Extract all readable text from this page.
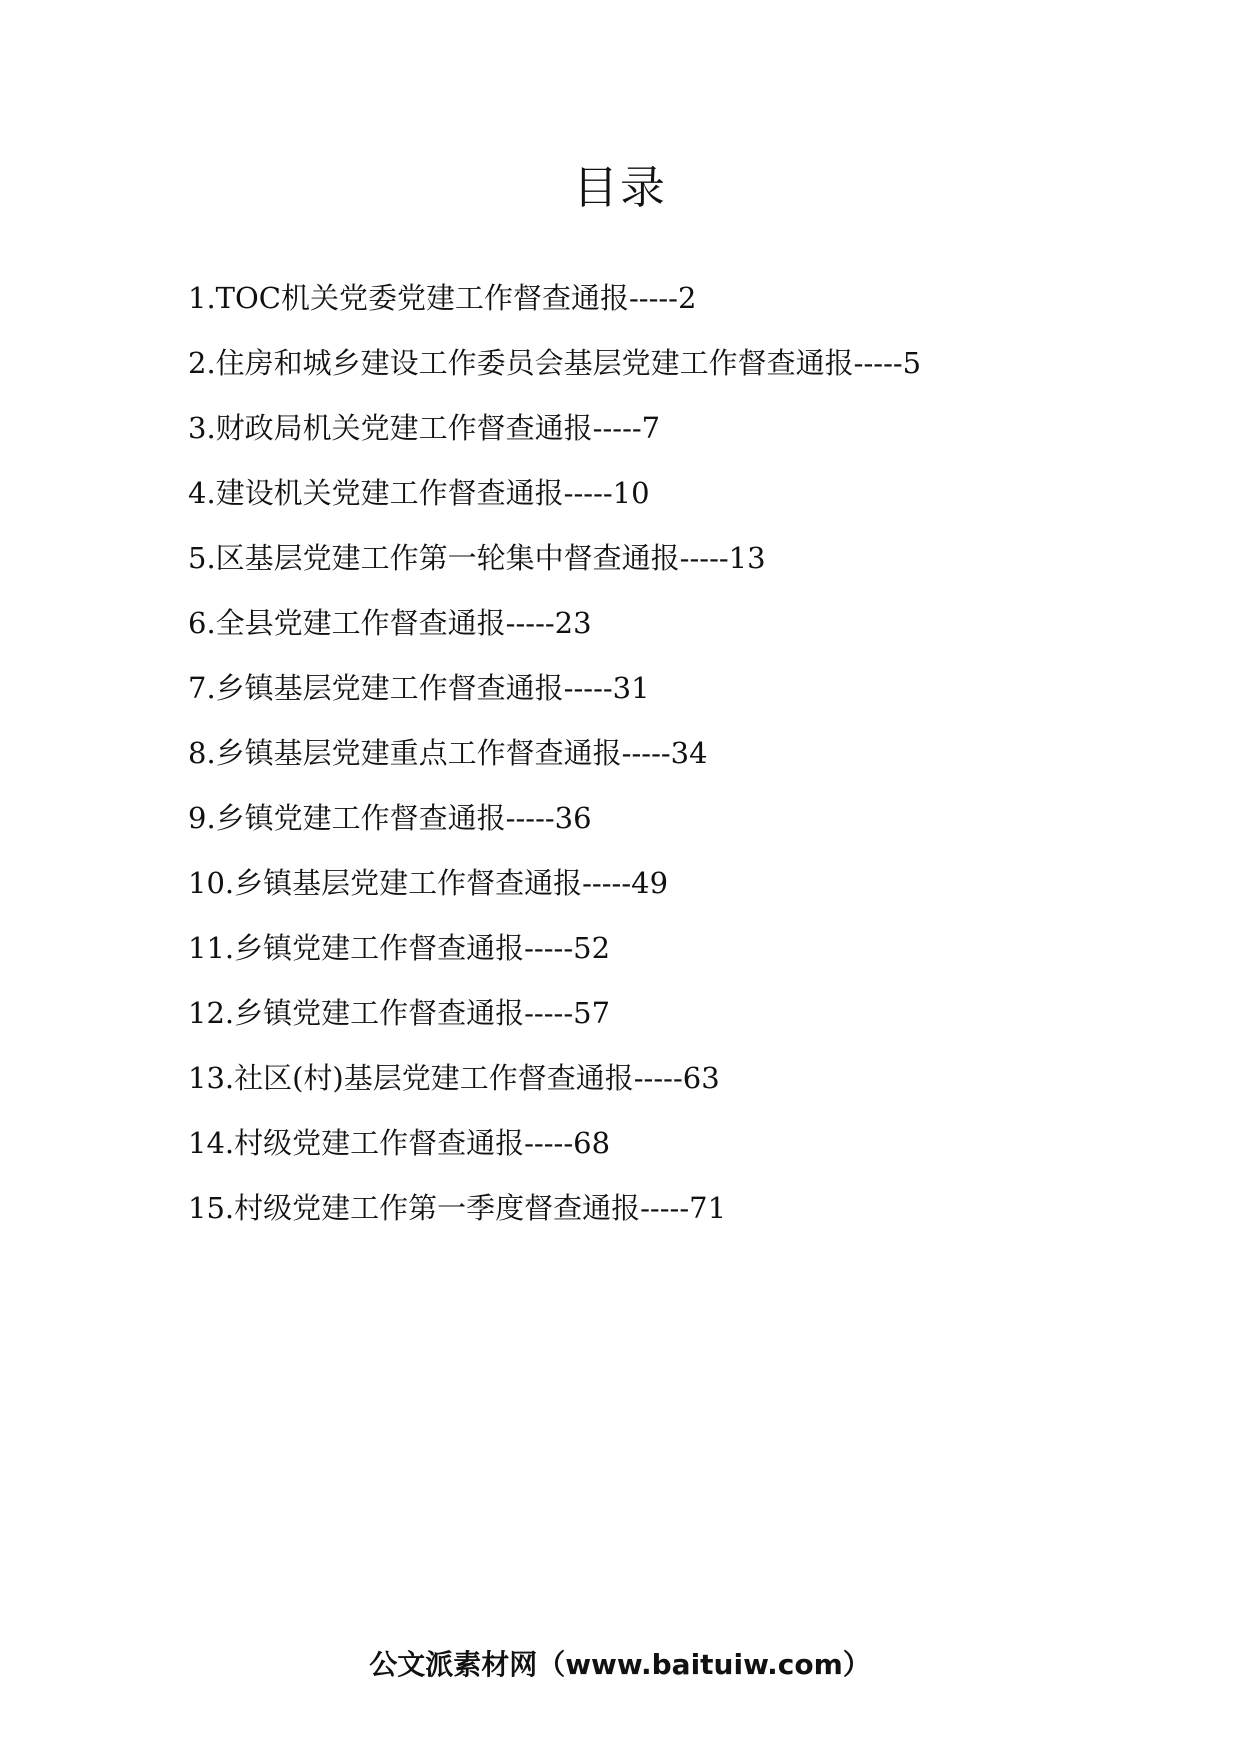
目录
1.TOC机关党委党建工作督查通报-----2
2.住房和城乡建设工作委员会基层党建工作督查通报-----5
3.财政局机关党建工作督查通报-----7
4.建设机关党建工作督查通报-----10
5.区基层党建工作第一轮集中督查通报-----13
6.全县党建工作督查通报-----23
7.乡镇基层党建工作督查通报-----31
8.乡镇基层党建重点工作督查通报-----34
9.乡镇党建工作督查通报-----36
10.乡镇基层党建工作督查通报-----49
11.乡镇党建工作督查通报-----52
12.乡镇党建工作督查通报-----57
13.社区(村)基层党建工作督查通报-----63
14.村级党建工作督查通报-----68
15.村级党建工作第一季度督查通报-----71
公文派素材网（www.baituiw.com）
